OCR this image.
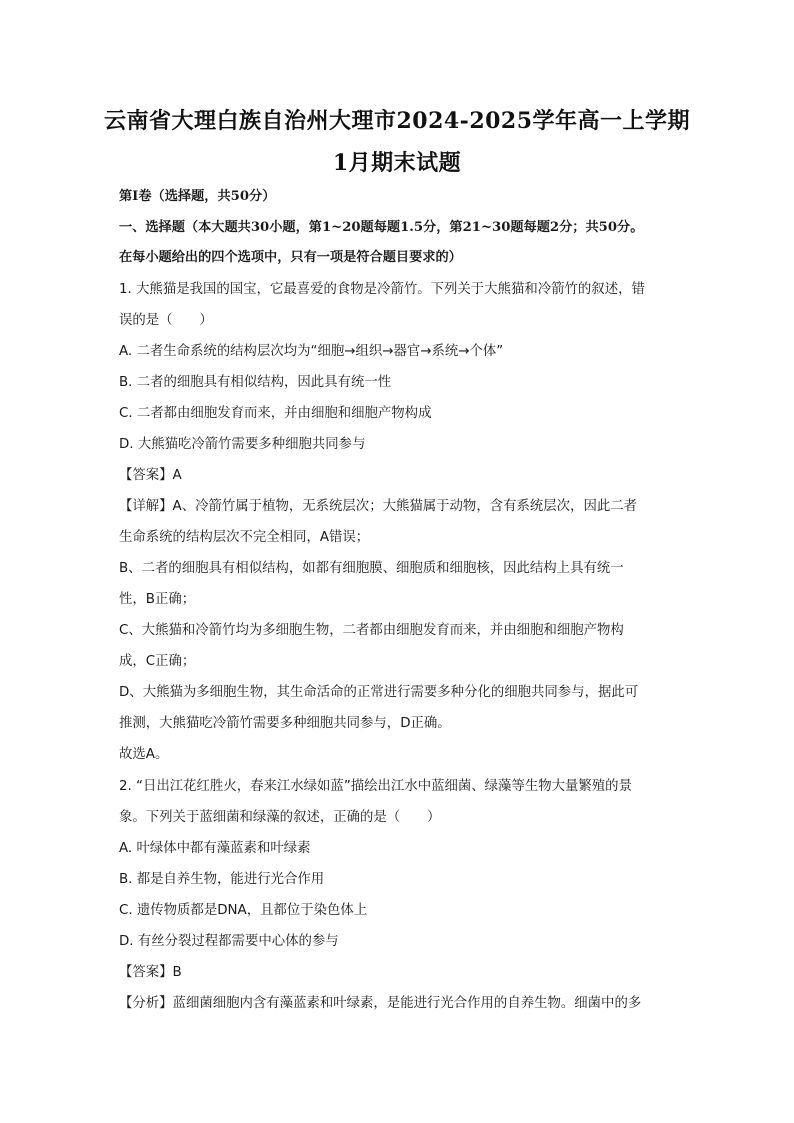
云南省大理白族自治州大理市2024-2025学年高一上学期
1月期末试题
第Ⅰ卷（选择题，共50分）
一、选择题（本大题共30小题，第1~20题每题1.5分，第21~30题每题2分；共50分。
在每小题给出的四个选项中，只有一项是符合题目要求的）
1. 大熊猫是我国的国宝，它最喜爱的食物是冷箭竹。下列关于大熊猫和冷箭竹的叙述，错
误的是（　　）
A. 二者生命系统的结构层次均为“细胞→组织→器官→系统→个体”
B. 二者的细胞具有相似结构，因此具有统一性
C. 二者都由细胞发育而来，并由细胞和细胞产物构成
D. 大熊猫吃冷箭竹需要多种细胞共同参与
【答案】A
【详解】A、冷箭竹属于植物，无系统层次；大熊猫属于动物，含有系统层次，因此二者
生命系统的结构层次不完全相同，A错误；
B、二者的细胞具有相似结构，如都有细胞膜、细胞质和细胞核，因此结构上具有统一
性，B正确；
C、大熊猫和冷箭竹均为多细胞生物，二者都由细胞发育而来，并由细胞和细胞产物构
成，C正确；
D、大熊猫为多细胞生物，其生命活命的正常进行需要多种分化的细胞共同参与，据此可
推测，大熊猫吃冷箭竹需要多种细胞共同参与，D正确。
故选A。
2. “日出江花红胜火，春来江水绿如蓝”描绘出江水中蓝细菌、绿藻等生物大量繁殖的景
象。下列关于蓝细菌和绿藻的叙述，正确的是（　　）
A. 叶绿体中都有藻蓝素和叶绿素
B. 都是自养生物，能进行光合作用
C. 遗传物质都是DNA，且都位于染色体上
D. 有丝分裂过程都需要中心体的参与
【答案】B
【分析】蓝细菌细胞内含有藻蓝素和叶绿素，是能进行光合作用的自养生物。细菌中的多
